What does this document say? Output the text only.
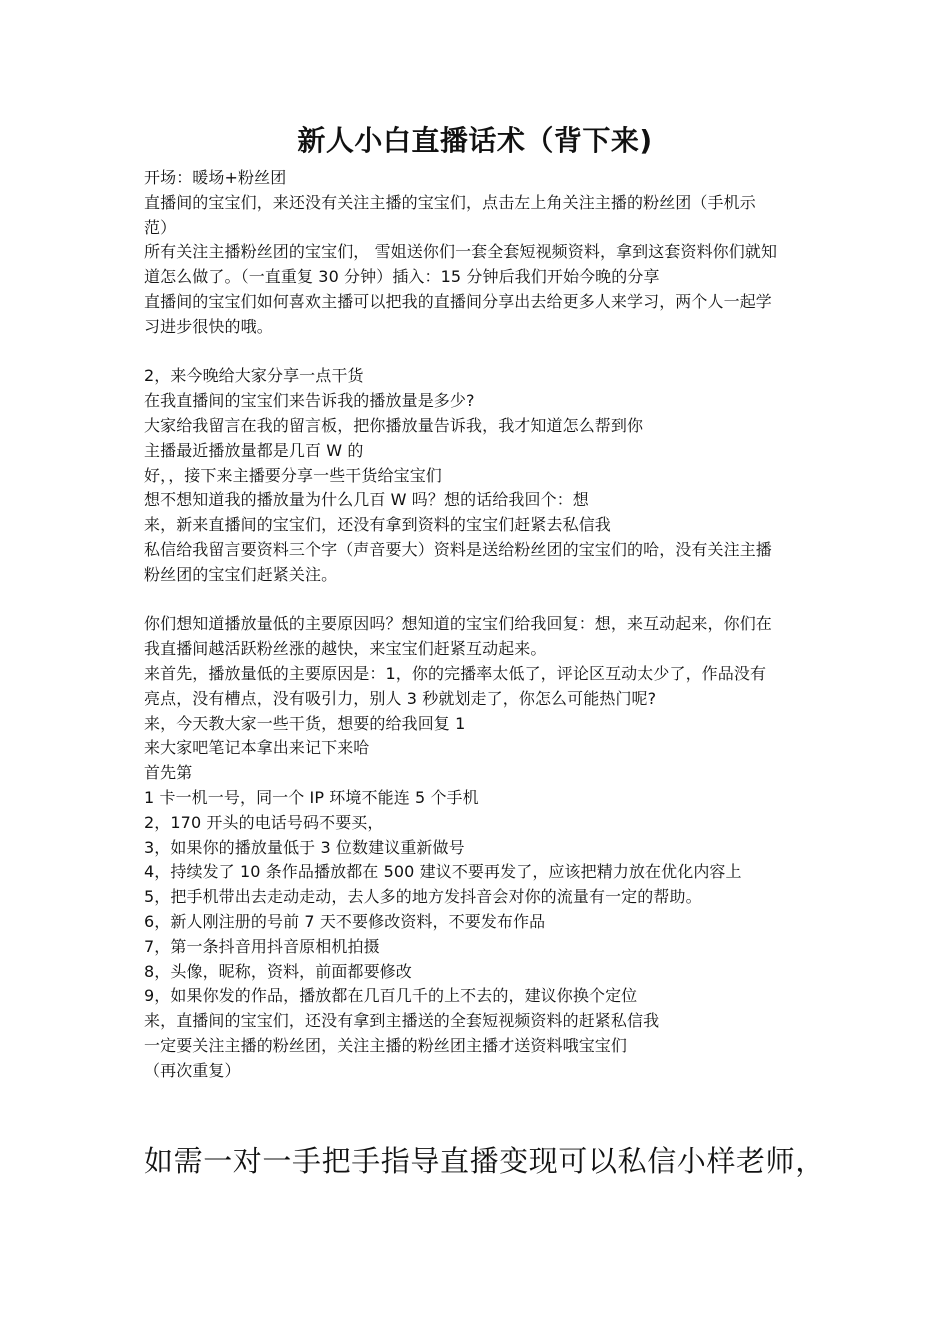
新人小白直播话术（背下来)
开场：暖场+粉丝团
直播间的宝宝们，来还没有关注主播的宝宝们，点击左上角关注主播的粉丝团（手机示
范）
所有关注主播粉丝团的宝宝们， 雪姐送你们一套全套短视频资料，拿到这套资料你们就知
道怎么做了。（一直重复 30 分钟）插入：15 分钟后我们开始今晚的分享
直播间的宝宝们如何喜欢主播可以把我的直播间分享出去给更多人来学习，两个人一起学
习进步很快的哦。
2，来今晚给大家分享一点干货
在我直播间的宝宝们来告诉我的播放量是多少?
大家给我留言在我的留言板，把你播放量告诉我，我才知道怎么帮到你
主播最近播放量都是几百 W 的
好，，接下来主播要分享一些干货给宝宝们
想不想知道我的播放量为什么几百 W 吗？想的话给我回个：想
来，新来直播间的宝宝们，还没有拿到资料的宝宝们赶紧去私信我
私信给我留言要资料三个字（声音要大）资料是送给粉丝团的宝宝们的哈，没有关注主播
粉丝团的宝宝们赶紧关注。
你们想知道播放量低的主要原因吗？想知道的宝宝们给我回复：想，来互动起来，你们在
我直播间越活跃粉丝涨的越快，来宝宝们赶紧互动起来。
来首先，播放量低的主要原因是：1，你的完播率太低了，评论区互动太少了，作品没有
亮点，没有槽点，没有吸引力，别人 3 秒就划走了，你怎么可能热门呢?
来，今天教大家一些干货，想要的给我回复 1
来大家吧笔记本拿出来记下来哈
首先第
1 卡一机一号，同一个 IP 环境不能连 5 个手机
2，170 开头的电话号码不要买，
3，如果你的播放量低于 3 位数建议重新做号
4，持续发了 10 条作品播放都在 500 建议不要再发了，应该把精力放在优化内容上
5，把手机带出去走动走动，去人多的地方发抖音会对你的流量有一定的帮助。
6，新人刚注册的号前 7 天不要修改资料，不要发布作品
7，第一条抖音用抖音原相机拍摄
8，头像，昵称，资料，前面都要修改
9，如果你发的作品，播放都在几百几千的上不去的，建议你换个定位
来，直播间的宝宝们，还没有拿到主播送的全套短视频资料的赶紧私信我
一定要关注主播的粉丝团，关注主播的粉丝团主播才送资料哦宝宝们
（再次重复）
如需一对一手把手指导直播变现可以私信小样老师，
